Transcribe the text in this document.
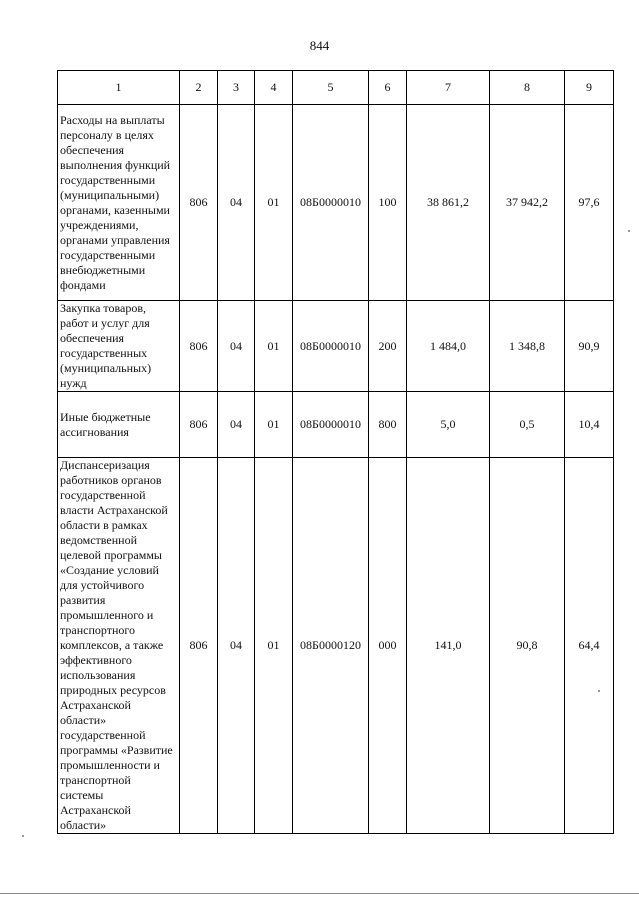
844
1	2	3	4	5	6	7	8	9
Расходы на выплаты персоналу в целях обеспечения выполнения функций государственными (муниципальными) органами, казенными учреждениями, органами управления государственными внебюджетными фондами	806	04	01	08Б0000010	100	38 861,2	37 942,2	97,6
Закупка товаров, работ и услуг для обеспечения государственных (муниципальных) нужд	806	04	01	08Б0000010	200	1 484,0	1 348,8	90,9
Иные бюджетные ассигнования	806	04	01	08Б0000010	800	5,0	0,5	10,4
Диспансеризация работников органов государственной власти Астраханской области в рамках ведомственной целевой программы «Создание условий для устойчивого развития промышленного и транспортного комплексов, а также эффективного использования природных ресурсов Астраханской области» государственной программы «Развитие промышленности и транспортной системы Астраханской области»	806	04	01	08Б0000120	000	141,0	90,8	64,4
